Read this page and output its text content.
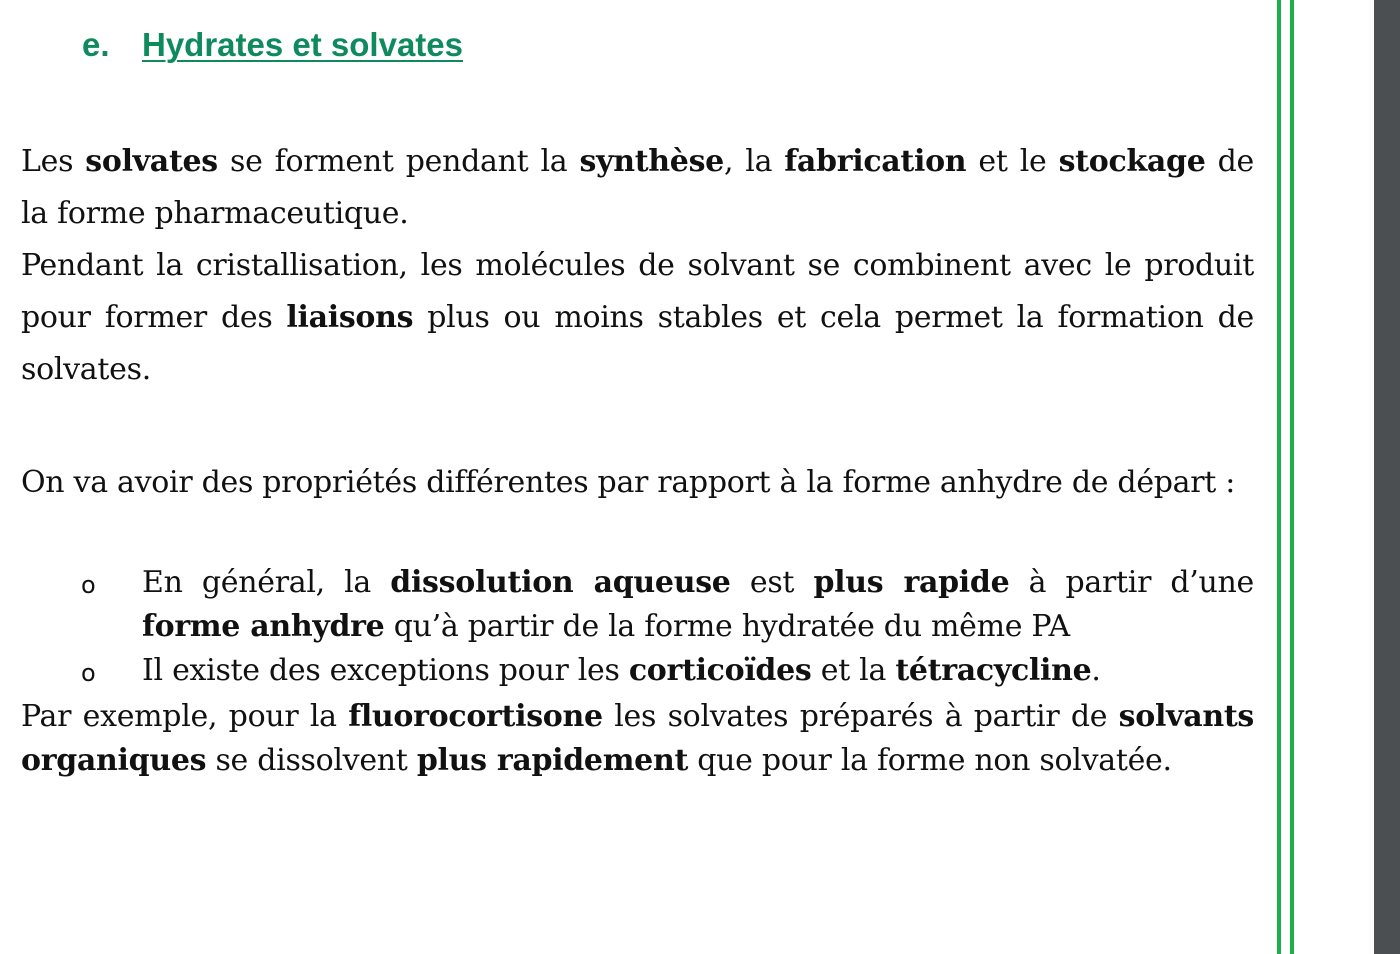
e. Hydrates et solvates
Les solvates se forment pendant la synthèse, la fabrication et le stockage de la forme pharmaceutique.
Pendant la cristallisation, les molécules de solvant se combinent avec le produit pour former des liaisons plus ou moins stables et cela permet la formation de solvates.
On va avoir des propriétés différentes par rapport à la forme anhydre de départ :
o En général, la dissolution aqueuse est plus rapide à partir d’une forme anhydre qu’à partir de la forme hydratée du même PA
o Il existe des exceptions pour les corticoïdes et la tétracycline.
Par exemple, pour la fluorocortisone les solvates préparés à partir de solvants organiques se dissolvent plus rapidement que pour la forme non solvatée.
